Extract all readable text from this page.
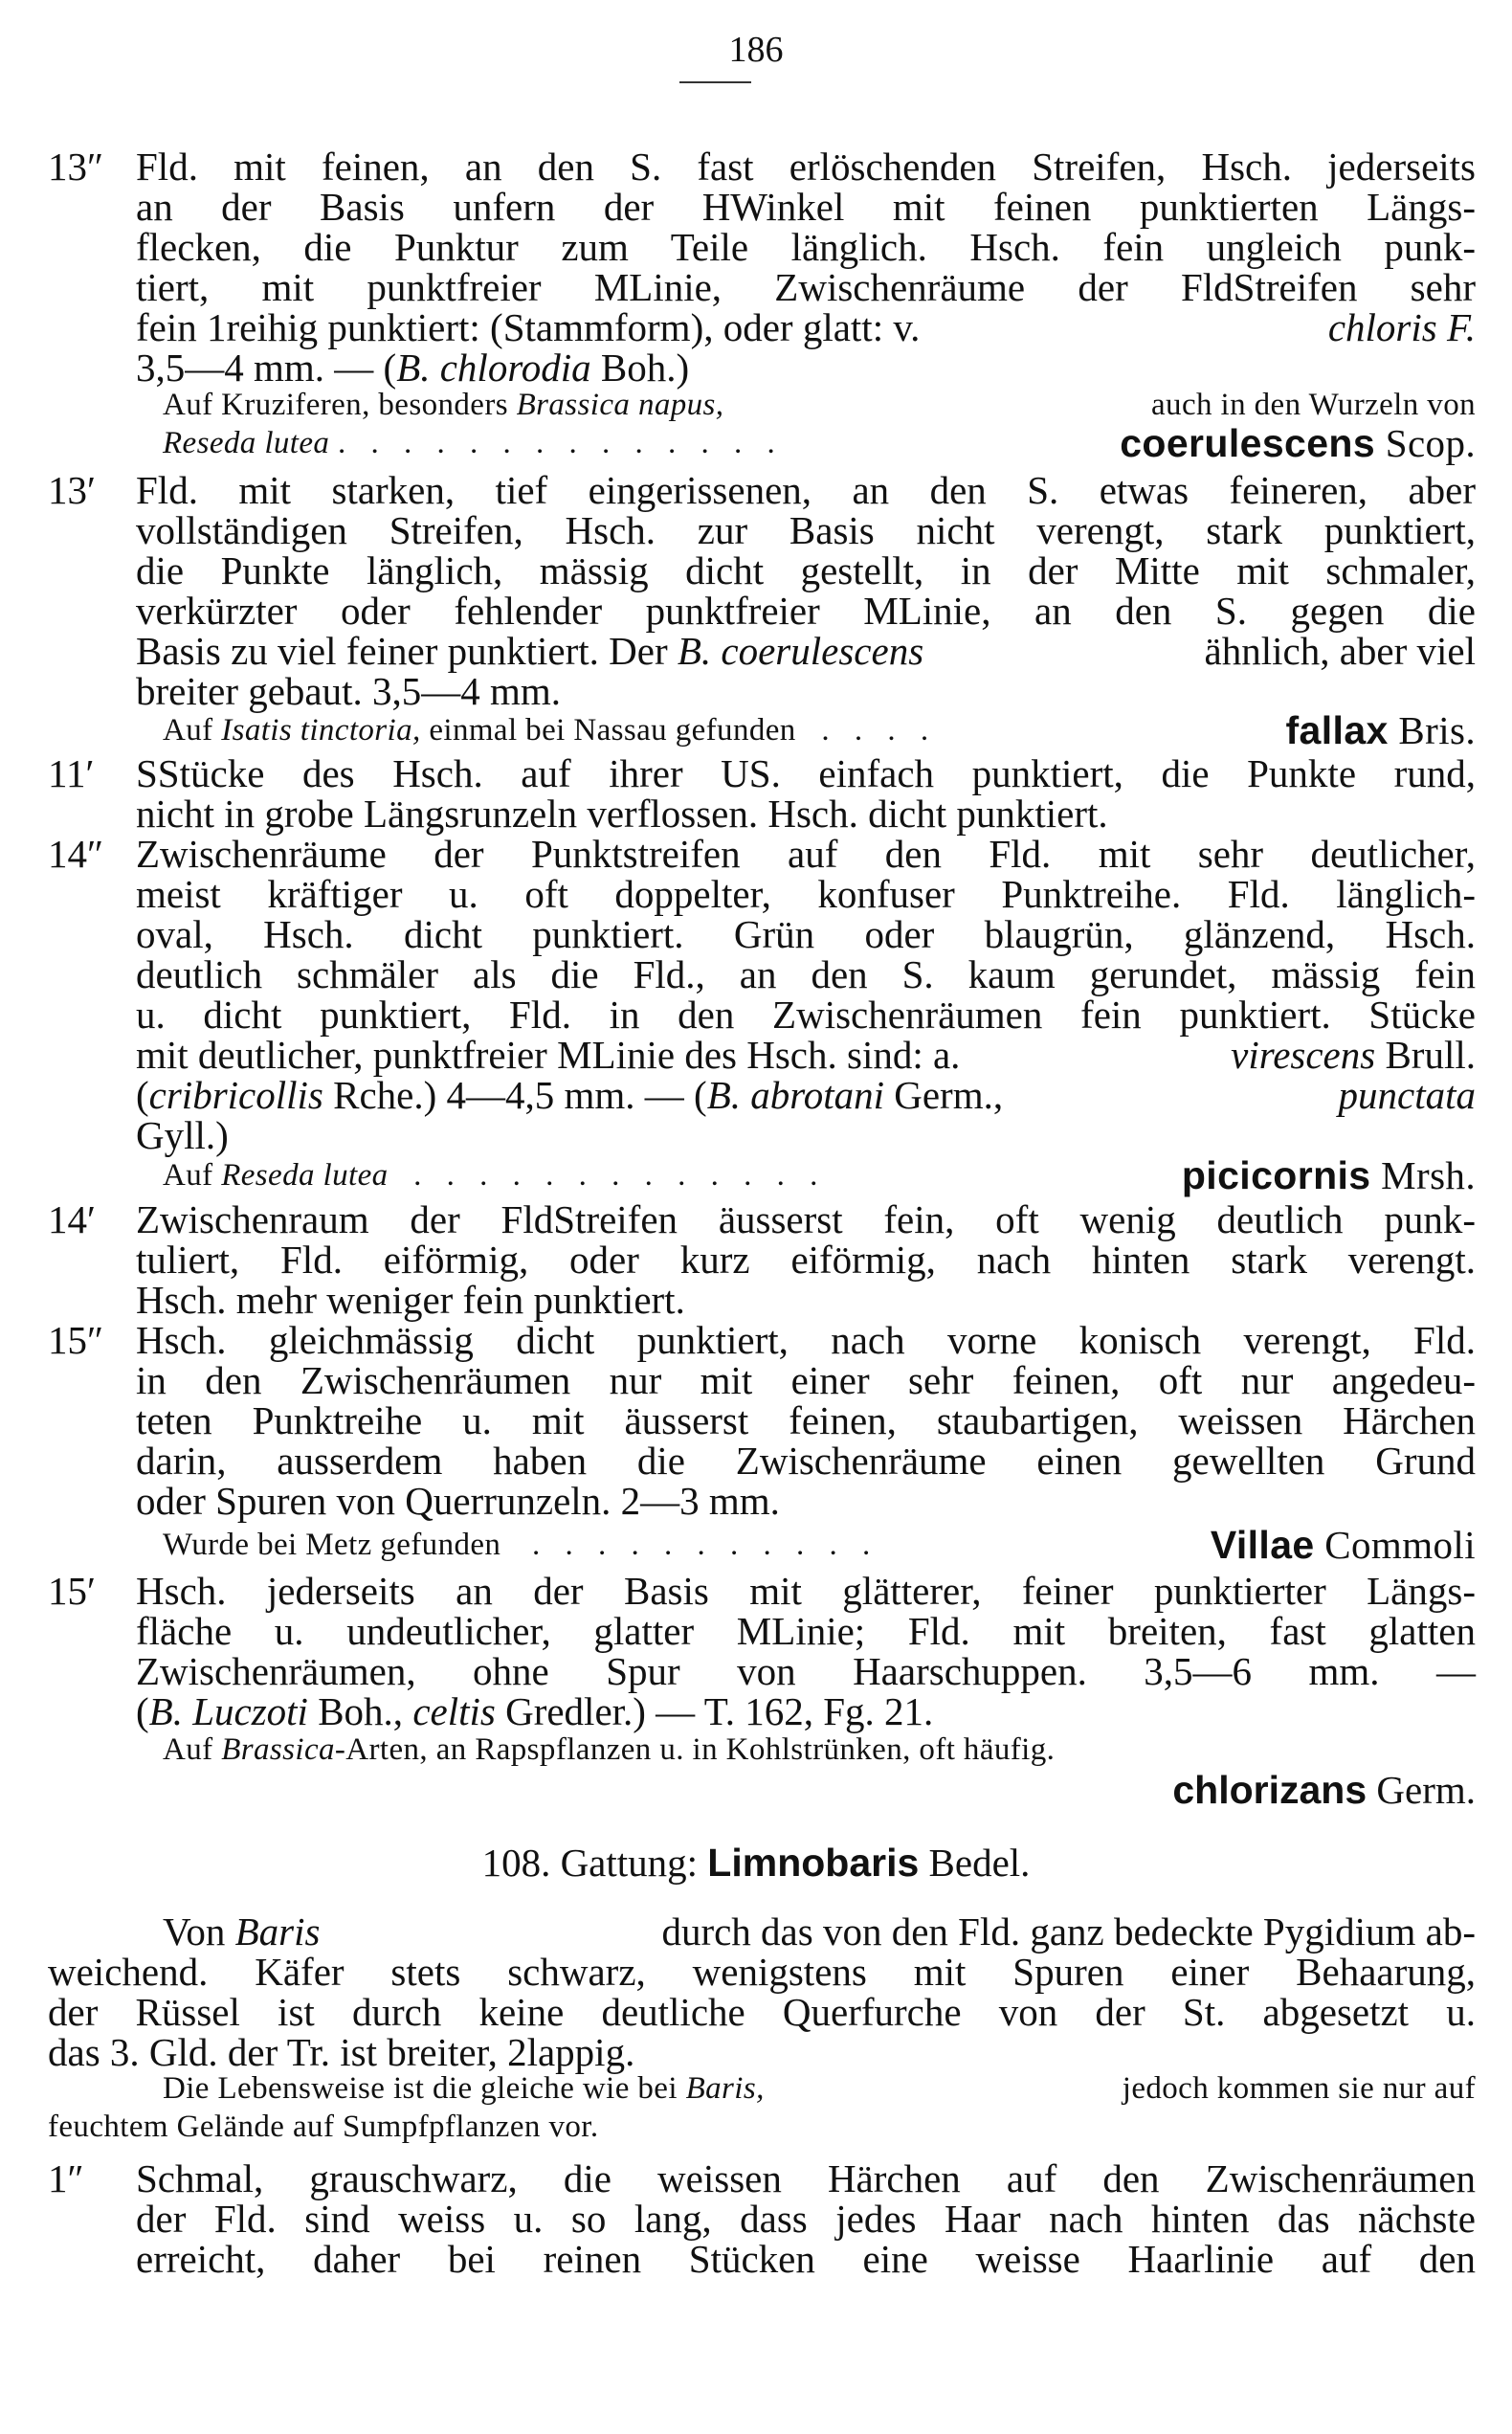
186
13″ Fld. mit feinen, an den S. fast erlöschenden Streifen, Hsch. jederseits
an der Basis unfern der HWinkel mit feinen punktierten Längs-
flecken, die Punktur zum Teile länglich. Hsch. fein ungleich punk-
tiert, mit punktfreier MLinie, Zwischenräume der FldStreifen sehr
fein 1reihig punktiert: (Stammform), oder glatt: v.	chloris F.
3,5—4 mm. — (B. chlorodia Boh.)
Auf Kruziferen, besonders Brassica napus,	auch in den Wurzeln von
Reseda lutea . . . . . . . . . . . . . .	coerulescens Scop.
13′ Fld. mit starken, tief eingerissenen, an den S. etwas feineren, aber
vollständigen Streifen, Hsch. zur Basis nicht verengt, stark punktiert,
die Punkte länglich, mässig dicht gestellt, in der Mitte mit schmaler,
verkürzter oder fehlender punktfreier MLinie, an den S. gegen die
Basis zu viel feiner punktiert. Der B. coerulescens	ähnlich, aber viel
breiter gebaut. 3,5—4 mm.
Auf Isatis tinctoria, einmal bei Nassau gefunden . . . .	fallax Bris.
11′ SStücke des Hsch. auf ihrer US. einfach punktiert, die Punkte rund,
nicht in grobe Längsrunzeln verflossen. Hsch. dicht punktiert.
14″ Zwischenräume der Punktstreifen auf den Fld. mit sehr deutlicher,
meist kräftiger u. oft doppelter, konfuser Punktreihe. Fld. länglich-
oval, Hsch. dicht punktiert. Grün oder blaugrün, glänzend, Hsch.
deutlich schmäler als die Fld., an den S. kaum gerundet, mässig fein
u. dicht punktiert, Fld. in den Zwischenräumen fein punktiert. Stücke
mit deutlicher, punktfreier MLinie des Hsch. sind: a.	virescens Brull.
(cribricollis Rche.) 4—4,5 mm. — (B. abrotani Germ.,	punctata
Gyll.)
Auf Reseda lutea . . . . . . . . . . . . .	picicornis Mrsh.
14′ Zwischenraum der FldStreifen äusserst fein, oft wenig deutlich punk-
tuliert, Fld. eiförmig, oder kurz eiförmig, nach hinten stark verengt.
Hsch. mehr weniger fein punktiert.
15″ Hsch. gleichmässig dicht punktiert, nach vorne konisch verengt, Fld.
in den Zwischenräumen nur mit einer sehr feinen, oft nur angedeu-
teten Punktreihe u. mit äusserst feinen, staubartigen, weissen Härchen
darin, ausserdem haben die Zwischenräume einen gewellten Grund
oder Spuren von Querrunzeln. 2—3 mm.
Wurde bei Metz gefunden . . . . . . . . . . .	Villae Commoli
15′ Hsch. jederseits an der Basis mit glätterer, feiner punktierter Längs-
fläche u. undeutlicher, glatter MLinie; Fld. mit breiten, fast glatten
Zwischenräumen, ohne Spur von Haarschuppen. 3,5—6 mm. —
(B. Luczoti Boh., celtis Gredler.) — T. 162, Fg. 21.
Auf Brassica-Arten, an Rapspflanzen u. in Kohlstrünken, oft häufig.
chlorizans Germ.
108. Gattung: Limnobaris Bedel.
Von Baris	durch das von den Fld. ganz bedeckte Pygidium ab-
weichend. Käfer stets schwarz, wenigstens mit Spuren einer Behaarung,
der Rüssel ist durch keine deutliche Querfurche von der St. abgesetzt u.
das 3. Gld. der Tr. ist breiter, 2lappig.
Die Lebensweise ist die gleiche wie bei Baris,	jedoch kommen sie nur auf
feuchtem Gelände auf Sumpfpflanzen vor.
1″ Schmal, grauschwarz, die weissen Härchen auf den Zwischenräumen
der Fld. sind weiss u. so lang, dass jedes Haar nach hinten das nächste
erreicht, daher bei reinen Stücken eine weisse Haarlinie auf den
